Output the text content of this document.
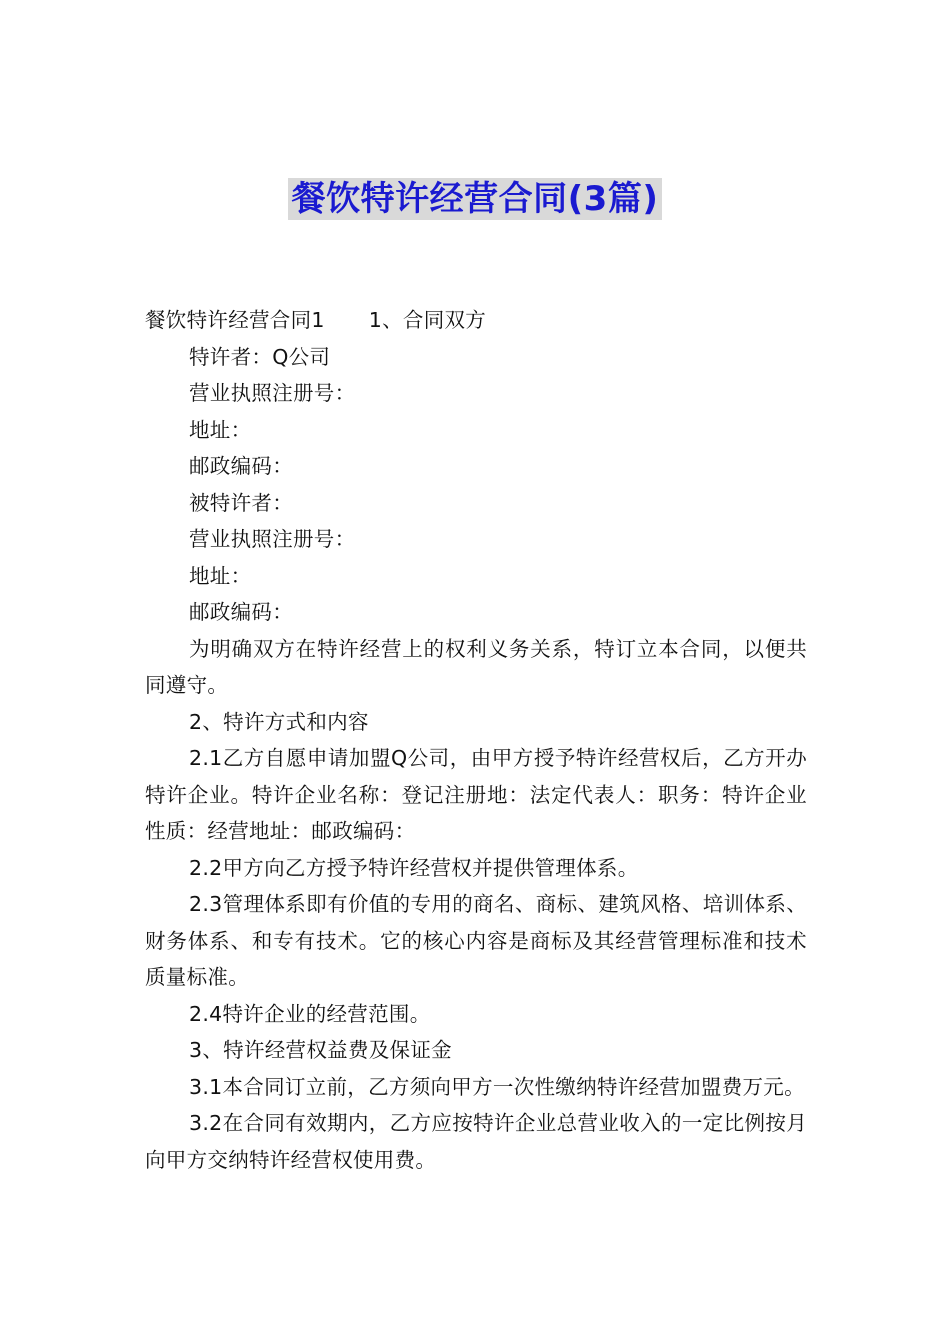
餐饮特许经营合同(3篇)

餐饮特许经营合同1 1、合同双方

特许者：Q公司

营业执照注册号：

地址：

邮政编码：

被特许者：

营业执照注册号：

地址：

邮政编码：

为明确双方在特许经营上的权利义务关系，特订立本合同，以便共同遵守。

2、特许方式和内容

2.1乙方自愿申请加盟Q公司，由甲方授予特许经营权后，乙方开办特许企业。特许企业名称：登记注册地：法定代表人：职务：特许企业性质：经营地址：邮政编码：

2.2甲方向乙方授予特许经营权并提供管理体系。

2.3管理体系即有价值的专用的商名、商标、建筑风格、培训体系、财务体系、和专有技术。它的核心内容是商标及其经营管理标准和技术质量标准。

2.4特许企业的经营范围。

3、特许经营权益费及保证金

3.1本合同订立前，乙方须向甲方一次性缴纳特许经营加盟费万元。

3.2在合同有效期内，乙方应按特许企业总营业收入的一定比例按月向甲方交纳特许经营权使用费。
